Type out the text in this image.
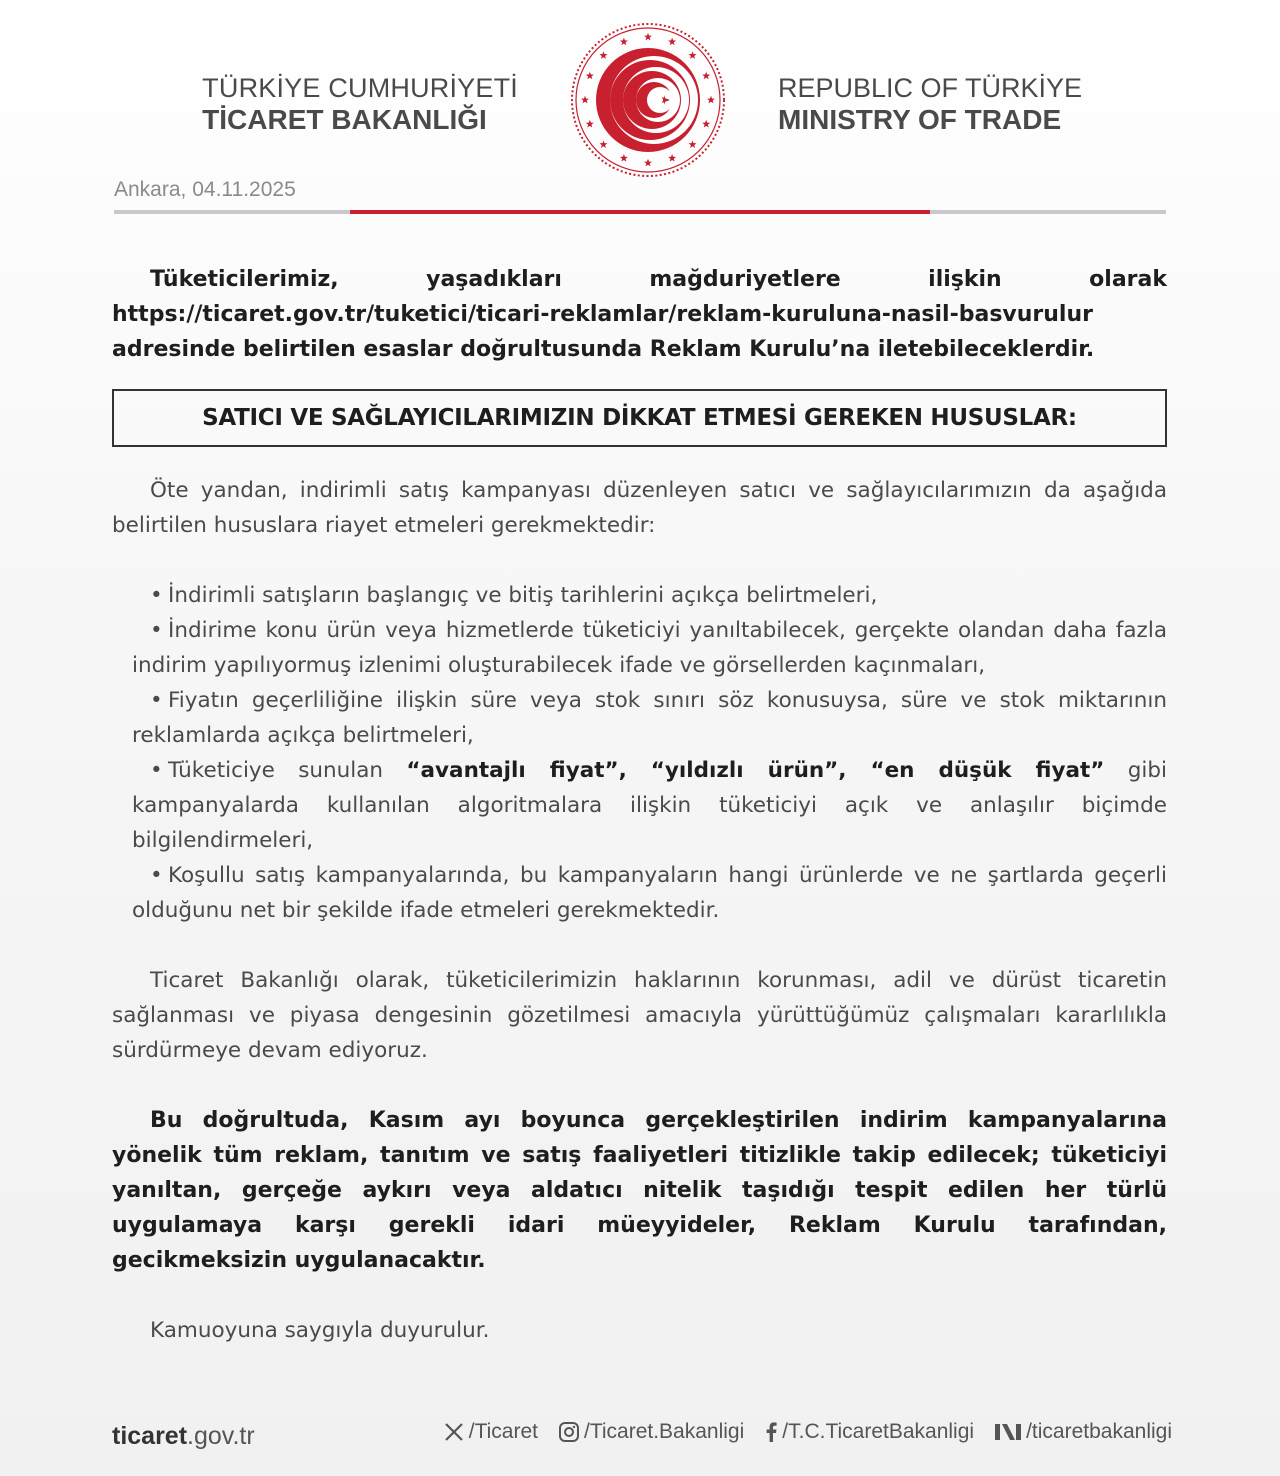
TÜRKİYE CUMHURİYETİ
TİCARET BAKANLIĞI
REPUBLIC OF TÜRKİYE
MINISTRY OF TRADE
Ankara, 04.11.2025

Tüketicilerimiz, yaşadıkları mağduriyetlere ilişkin olarak https://ticaret.gov.tr/tuketici/ticari-reklamlar/reklam-kuruluna-nasil-basvurulur adresinde belirtilen esaslar doğrultusunda Reklam Kurulu’na iletebileceklerdir.

SATICI VE SAĞLAYICILARIMIZIN DİKKAT ETMESİ GEREKEN HUSUSLAR:

Öte yandan, indirimli satış kampanyası düzenleyen satıcı ve sağlayıcılarımızın da aşağıda belirtilen hususlara riayet etmeleri gerekmektedir:

• İndirimli satışların başlangıç ve bitiş tarihlerini açıkça belirtmeleri,
• İndirime konu ürün veya hizmetlerde tüketiciyi yanıltabilecek, gerçekte olandan daha fazla indirim yapılıyormuş izlenimi oluşturabilecek ifade ve görsellerden kaçınmaları,
• Fiyatın geçerliliğine ilişkin süre veya stok sınırı söz konusuysa, süre ve stok miktarının reklamlarda açıkça belirtmeleri,
• Tüketiciye sunulan “avantajlı fiyat”, “yıldızlı ürün”, “en düşük fiyat” gibi kampanyalarda kullanılan algoritmalara ilişkin tüketiciyi açık ve anlaşılır biçimde bilgilendirmeleri,
• Koşullu satış kampanyalarında, bu kampanyaların hangi ürünlerde ve ne şartlarda geçerli olduğunu net bir şekilde ifade etmeleri gerekmektedir.

Ticaret Bakanlığı olarak, tüketicilerimizin haklarının korunması, adil ve dürüst ticaretin sağlanması ve piyasa dengesinin gözetilmesi amacıyla yürüttüğümüz çalışmaları kararlılıkla sürdürmeye devam ediyoruz.

Bu doğrultuda, Kasım ayı boyunca gerçekleştirilen indirim kampanyalarına yönelik tüm reklam, tanıtım ve satış faaliyetleri titizlikle takip edilecek; tüketiciyi yanıltan, gerçeğe aykırı veya aldatıcı nitelik taşıdığı tespit edilen her türlü uygulamaya karşı gerekli idari müeyyideler, Reklam Kurulu tarafından, gecikmeksizin uygulanacaktır.

Kamuoyuna saygıyla duyurulur.

ticaret.gov.tr	/Ticaret /Ticaret.Bakanligi /T.C.TicaretBakanligi /ticaretbakanligi
